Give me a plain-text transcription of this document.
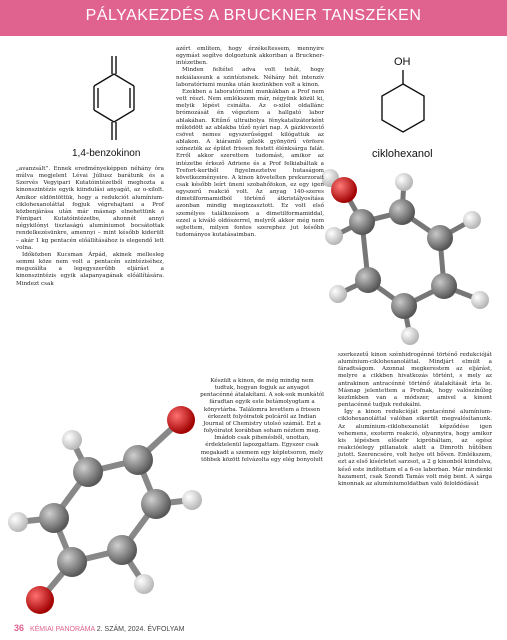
PÁLYAKEZDÉS A BRUCKNER TANSZÉKEN
1,4-benzokinon
OH
ciklohexanol

„avanzsált”. Ennek eredményeképpen néhány óra múlva megjelent Lévai Júliusz barátunk és a Szervés Vegyipari Kutatóintézetből meghozta a kinonszintézis egyik kiindulási anyagát, az o-xilolt. Amikor eldöntöttük, hogy a redukciót alumínium-ciklohexanoláttal fogjuk végrehajtani a Prof közbenjárása után már másnap elnehettünk a Fémipari Kutatóintézetbe, ahonnét annyi négykilónyi tisztaságú alumíniumot bocsátottak rendelkezésünkre, amennyi – mint később kiderült – akár 1 kg pentacén előállításához is elegendő lett volna.

Időközben Kucsman Árpád, akinek mellesleg semmi köze nem volt a pentacén szintéziséhez, megszálíta a legegyszerűbb eljárást a kinonszintézis egyik alapanyagának előállítására. Mindezt csak

azért említem, hogy érzékeltessem, mennyire egymást segítve dolgoztunk akkoriban a Bruckner-intézetben.

Minden feltétel adva volt tehát, hogy nekiálassunk a szintézisnek. Néhány hét intenzív laboratóriumi munka után kezünkben volt a kinon.

Ezekben a laboratóriumi munkákban a Prof nem vett részt. Nem emlékszem már, négyünk közül ki, melyik lépést csinálta. Az o-xilol oldallánc brómozását én végeztem a hallgató labor ablakában. Kitűnő ultraibolya fénykatalizátorként működött az ablakba tűző nyári nap. A gázkivezető csövet nemes egyszerűséggel kilógattuk az ablakon. A kiáramló gőzök gyönyörű vörösre színezték az épület frissen festett élénksárga falát. Erről akkor szerettem tudomást, amikor az intézetbe érkező Adriene és a Prof felkiabáltak a Trefort-kertből figyelmeztetve hutaságom következményeire. A kinon követelten prekurzorait csak később leírt üneni szobahőfokon, ez egy igen egyszerű reakció volt. Az anyag 140-szeres dimetilformamidból történő átkristályosítása azonban mindig megizzasztott. Ez volt első személyes találkozásom a dimetilformamiddal, ezzel a kiváló oldószerrel, melyről akkor még nem sejtettem, milyen fontos szerephez jut később tudományos kutatásaimban.

Készült a kinon, de még mindig nem tudtuk, hogyan fogjuk az anyagot pentacénné átalakítani. A sok-sok munkától fáradtan egyik este betámolyogtam a könyvtárba. Találomra levettem a frissen érkezett folyóiratok polcáról az Indian Journal of Chemistry utolsó számát. Ezt a folyóiratot korábban soham néztem meg. Imádob csak pihenésből, unottan, érdektelenül lapozgattam. Egyszer csak megakadt a szemem egy képletsoron, mely többek között felvázolta egy elég bonyolult

szerkezetű kinon szénhidrogénné történő redukcióját alumínium-ciklohexanoláttal. Mindjárt elmúlt a fáradtságom. Azonnal megkerestem az eljárást, melyre a cikkben hivatkozás történt, s mely az antrakinon antracénné történő átalakítását írta le. Másnap jelentettem a Profnak, hogy valószínűleg kezünkben van a módszer, amivel a kinont pentacénné tudjuk redukálni.

Így a kinon redukcióját pentacénné alumínium-ciklohexanoláttal valóban sikerült megvalósítanunk. Az alumínium-ciklohexanolát képződése igen vehemens, exoterm reakció, olyannyira, hogy amikor kis lépésben először kipróbáltam, az egész reakcióelegy pillanatok alatt a Dimroth hűtőben jutott. Szerencsére, volt helye ott bőven. Emlékszem, ezt az első kísérletet sarzsot, a 2 g kinonból kiindulva, késő este indítottam el a 6-os laborban. Már mindenki hazament, csak Szondi Tamás volt még bent. A sárga kinonnak az alumíniumoldatban való feloldódását

36 KÉMIAI PANORÁMA 2. SZÁM, 2024. ÉVFOLYAM
